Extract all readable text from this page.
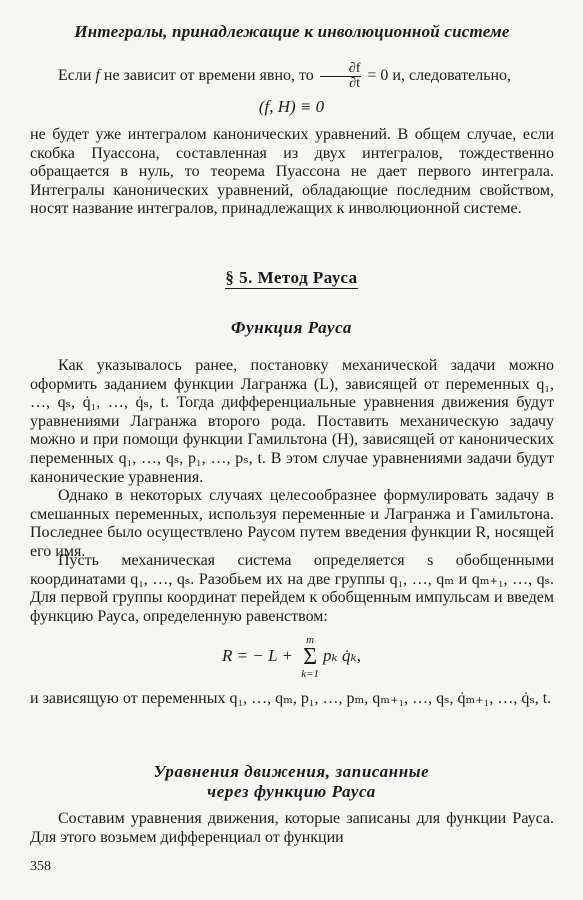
Интегралы, принадлежащие к инволюционной системе

Если f не зависит от времени явно, то $\frac{\partial f}{\partial t} = 0$ и, следовательно,

(f, H) ≡ 0

не будет уже интегралом канонических уравнений. В общем случае, если скобка Пуассона, составленная из двух интегралов, тождественно обращается в нуль, то теорема Пуассона не дает первого интеграла. Интегралы канонических уравнений, обладающие последним свойством, носят название интегралов, принадлежащих к инволюционной системе.

§ 5. Метод Рауса
Функция Рауса

Как указывалось ранее, постановку механической задачи можно оформить заданием функции Лагранжа (L), зависящей от переменных q₁, …, qₛ, q̇₁, …, q̇ₛ, t. Тогда дифференциальные уравнения движения будут уравнениями Лагранжа второго рода. Поставить механическую задачу можно и при помощи функции Гамильтона (H), зависящей от канонических переменных q₁, …, qₛ, p₁, …, pₛ, t. В этом случае уравнениями задачи будут канонические уравнения.

Однако в некоторых случаях целесообразнее формулировать задачу в смешанных переменных, используя переменные и Лагранжа и Гамильтона. Последнее было осуществлено Раусом путем введения функции R, носящей его имя.

Пусть механическая система определяется s обобщенными координатами q₁, …, qₛ. Разобьем их на две группы q₁, …, qₘ и qₘ₊₁, …, qₛ. Для первой группы координат перейдем к обобщенным импульсам и введем функцию Рауса, определенную равенством:

R = − L +
m
Σ
k=1
pₖ q̇ₖ,

и зависящую от переменных q₁, …, qₘ, p₁, …, pₘ, qₘ₊₁, …, qₛ, q̇ₘ₊₁, …, q̇ₛ, t.

Уравнения движения, записанные через функцию Рауса

Составим уравнения движения, которые записаны для функции Рауса. Для этого возьмем дифференциал от функции

358
